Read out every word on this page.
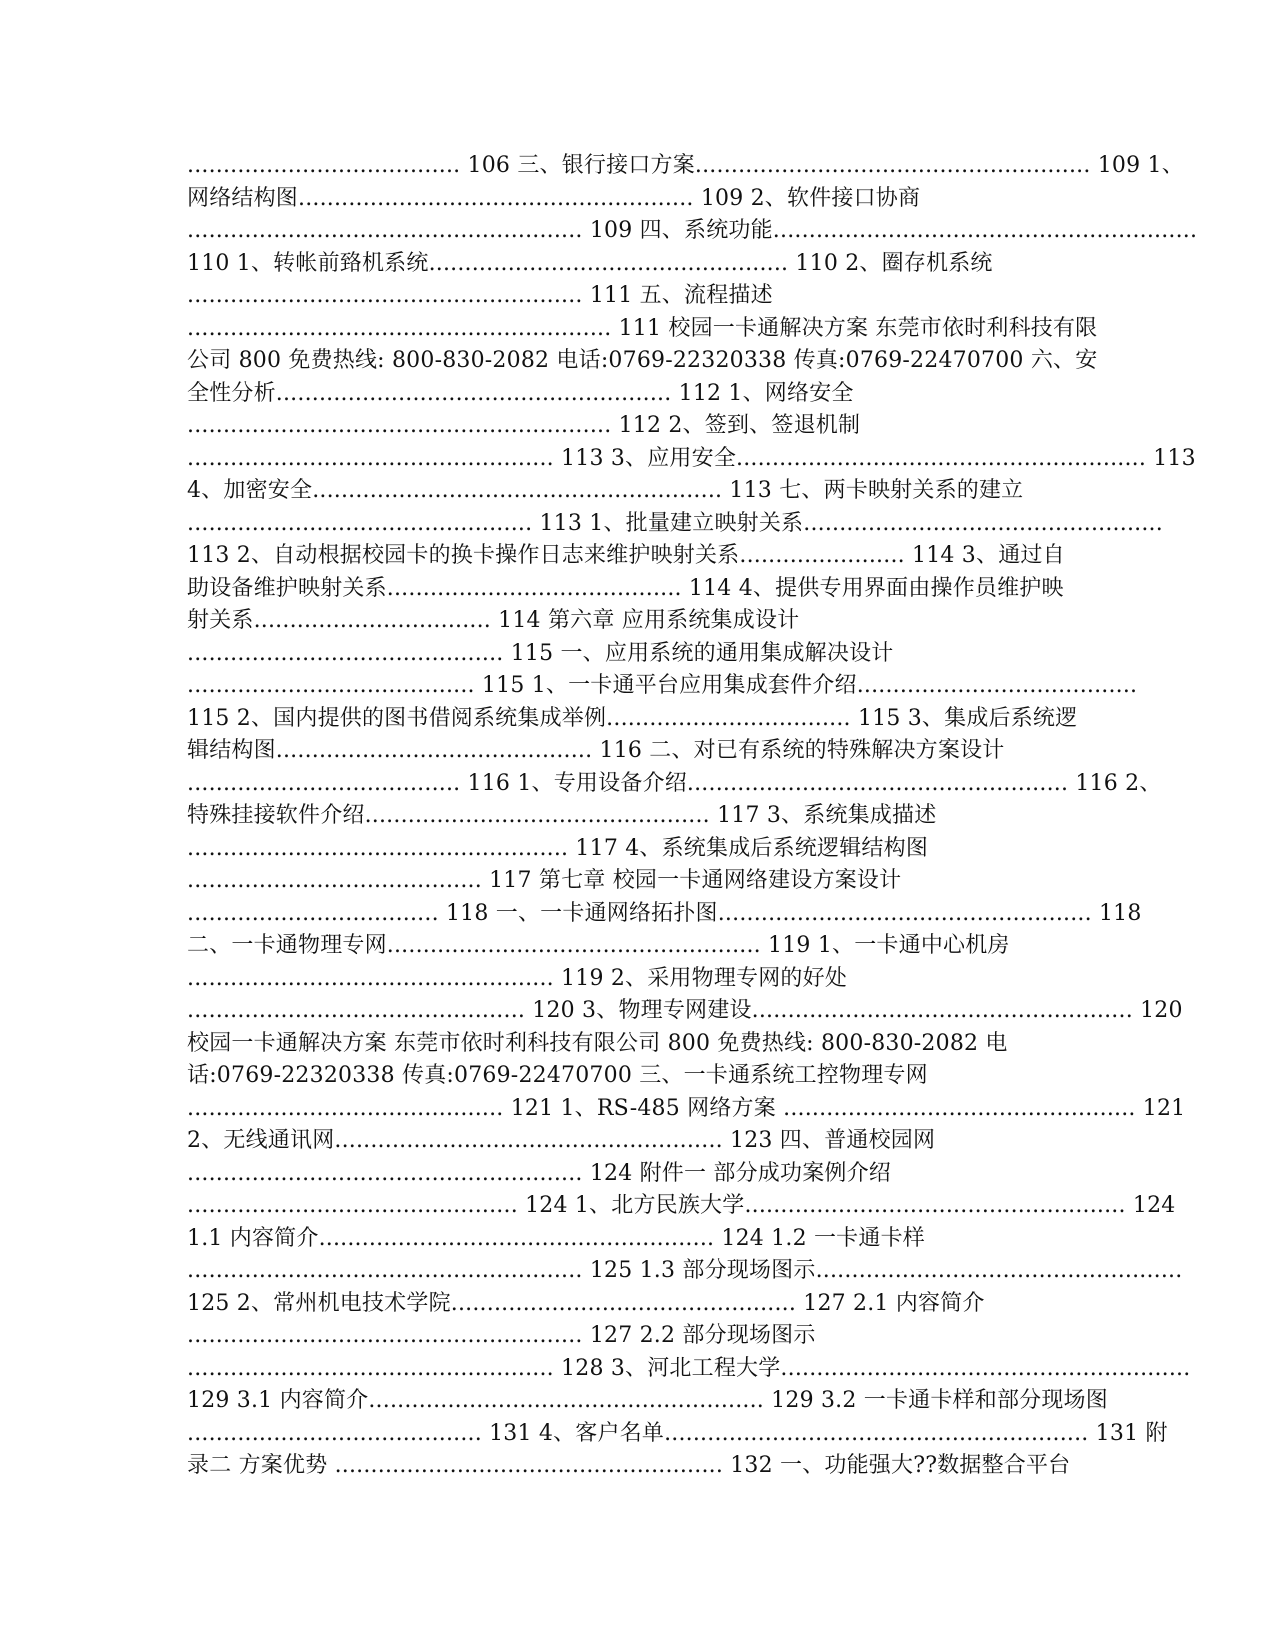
...................................... 106 三、银行接口方案....................................................... 109 1、
网络结构图....................................................... 109 2、软件接口协商
....................................................... 109 四、系统功能...........................................................
110 1、转帐前臵机系统.................................................. 110 2、圈存机系统
....................................................... 111 五、流程描述
........................................................... 111 校园一卡通解决方案 东莞市依时利科技有限
公司 800 免费热线: 800-830-2082 电话:0769-22320338 传真:0769-22470700 六、安
全性分析....................................................... 112 1、网络安全
........................................................... 112 2、签到、签退机制
................................................... 113 3、应用安全......................................................... 113
4、加密安全......................................................... 113 七、两卡映射关系的建立
................................................ 113 1、批量建立映射关系..................................................
113 2、自动根据校园卡的换卡操作日志来维护映射关系....................... 114 3、通过自
助设备维护映射关系......................................... 114 4、提供专用界面由操作员维护映
射关系................................. 114 第六章 应用系统集成设计
............................................ 115 一、应用系统的通用集成解决设计
........................................ 115 1、一卡通平台应用集成套件介绍.......................................
115 2、国内提供的图书借阅系统集成举例.................................. 115 3、集成后系统逻
辑结构图............................................ 116 二、对已有系统的特殊解决方案设计
...................................... 116 1、专用设备介绍..................................................... 116 2、
特殊挂接软件介绍................................................ 117 3、系统集成描述
..................................................... 117 4、系统集成后系统逻辑结构图
......................................... 117 第七章 校园一卡通网络建设方案设计
................................... 118 一、一卡通网络拓扑图.................................................... 118
二、一卡通物理专网.................................................... 119 1、一卡通中心机房
................................................... 119 2、采用物理专网的好处
............................................... 120 3、物理专网建设..................................................... 120
校园一卡通解决方案 东莞市依时利科技有限公司 800 免费热线: 800-830-2082 电
话:0769-22320338 传真:0769-22470700 三、一卡通系统工控物理专网
............................................ 121 1、RS-485 网络方案 ................................................. 121
2、无线通讯网...................................................... 123 四、普通校园网
....................................................... 124 附件一 部分成功案例介绍
.............................................. 124 1、北方民族大学..................................................... 124
1.1 内容简介....................................................... 124 1.2 一卡通卡样
....................................................... 125 1.3 部分现场图示...................................................
125 2、常州机电技术学院................................................ 127 2.1 内容简介
....................................................... 127 2.2 部分现场图示
................................................... 128 3、河北工程大学.........................................................
129 3.1 内容简介....................................................... 129 3.2 一卡通卡样和部分现场图
......................................... 131 4、客户名单........................................................... 131 附
录二 方案优势 ...................................................... 132 一、功能强大??数据整合平台
